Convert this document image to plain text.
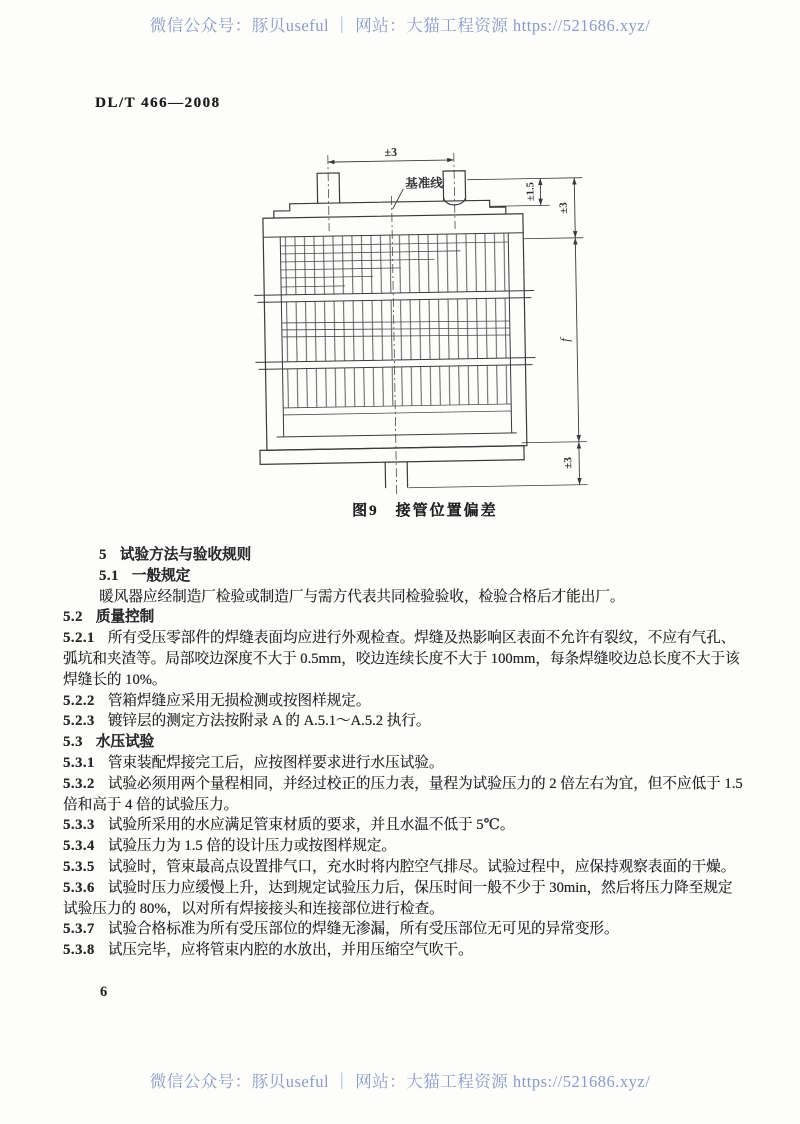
微信公众号：豚贝useful ｜ 网站：大猫工程资源 https://521686.xyz/
DL/T 466—2008
±3
基准线	±1.5
±3
f
±3
图9　接管位置偏差

5 试验方法与验收规则

5.1 一般规定

暖风器应经制造厂检验或制造厂与需方代表共同检验验收，检验合格后才能出厂。

5.2 质量控制

5.2.1 所有受压零部件的焊缝表面均应进行外观检查。焊缝及热影响区表面不允许有裂纹，不应有气孔、弧坑和夹渣等。局部咬边深度不大于 0.5mm，咬边连续长度不大于 100mm，每条焊缝咬边总长度不大于该焊缝长的 10%。

5.2.2 管箱焊缝应采用无损检测或按图样规定。

5.2.3 镀锌层的测定方法按附录 A 的 A.5.1～A.5.2 执行。

5.3 水压试验

5.3.1 管束装配焊接完工后，应按图样要求进行水压试验。

5.3.2 试验必须用两个量程相同，并经过校正的压力表，量程为试验压力的 2 倍左右为宜，但不应低于 1.5 倍和高于 4 倍的试验压力。

5.3.3 试验所采用的水应满足管束材质的要求，并且水温不低于 5℃。

5.3.4 试验压力为 1.5 倍的设计压力或按图样规定。

5.3.5 试验时，管束最高点设置排气口，充水时将内腔空气排尽。试验过程中，应保持观察表面的干燥。

5.3.6 试验时压力应缓慢上升，达到规定试验压力后，保压时间一般不少于 30min，然后将压力降至规定试验压力的 80%，以对所有焊接接头和连接部位进行检查。

5.3.7 试验合格标准为所有受压部位的焊缝无渗漏，所有受压部位无可见的异常变形。

5.3.8 试压完毕，应将管束内腔的水放出，并用压缩空气吹干。

6
微信公众号：豚贝useful ｜ 网站：大猫工程资源 https://521686.xyz/
